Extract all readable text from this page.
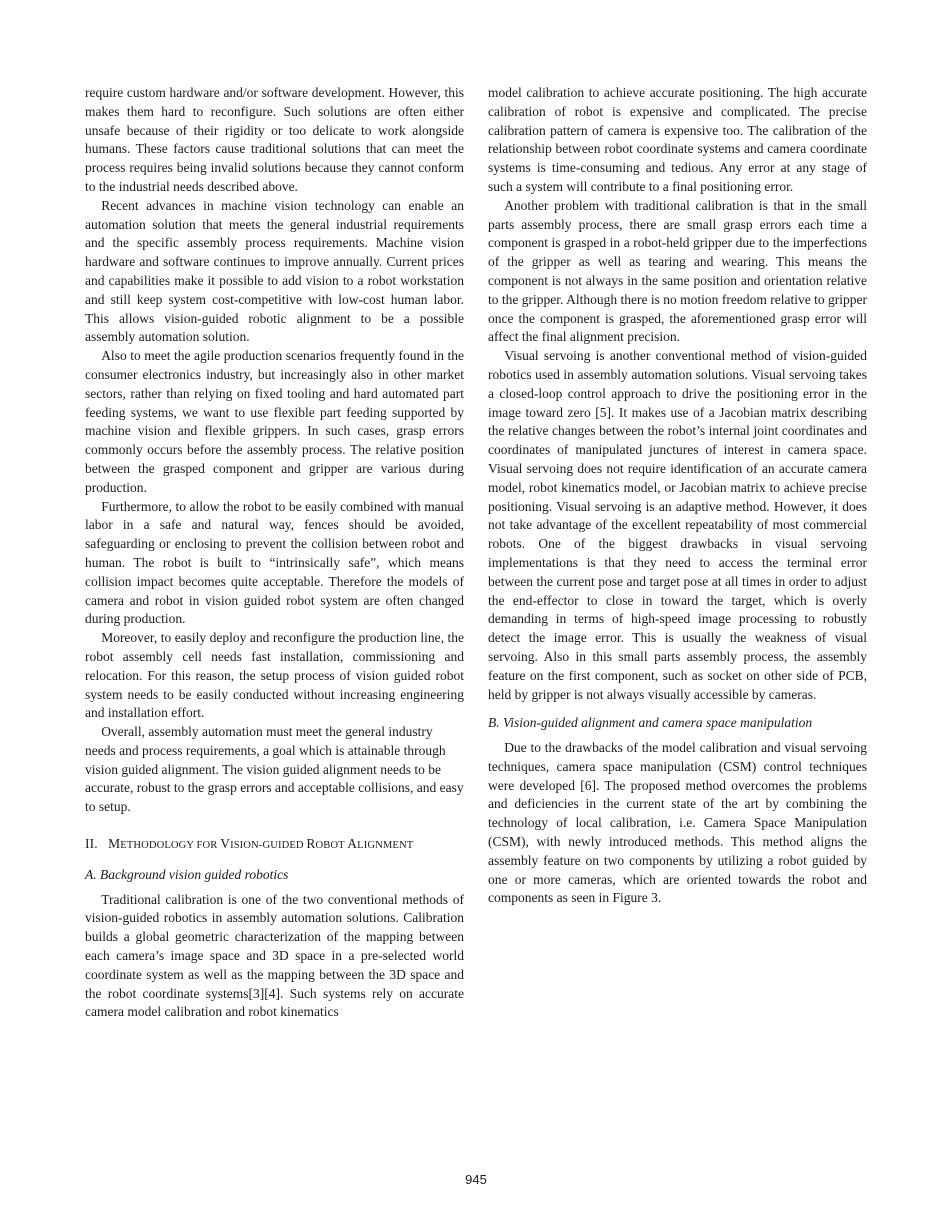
require custom hardware and/or software development. However, this makes them hard to reconfigure. Such solutions are often either unsafe because of their rigidity or too delicate to work alongside humans. These factors cause traditional solutions that can meet the process requires being invalid solutions because they cannot conform to the industrial needs described above.

Recent advances in machine vision technology can enable an automation solution that meets the general industrial requirements and the specific assembly process requirements. Machine vision hardware and software continues to improve annually. Current prices and capabilities make it possible to add vision to a robot workstation and still keep system cost-competitive with low-cost human labor. This allows vision-guided robotic alignment to be a possible assembly automation solution.

Also to meet the agile production scenarios frequently found in the consumer electronics industry, but increasingly also in other market sectors, rather than relying on fixed tooling and hard automated part feeding systems, we want to use flexible part feeding supported by machine vision and flexible grippers. In such cases, grasp errors commonly occurs before the assembly process. The relative position between the grasped component and gripper are various during production.

Furthermore, to allow the robot to be easily combined with manual labor in a safe and natural way, fences should be avoided, safeguarding or enclosing to prevent the collision between robot and human. The robot is built to “intrinsically safe”, which means collision impact becomes quite acceptable. Therefore the models of camera and robot in vision guided robot system are often changed during production.

Moreover, to easily deploy and reconfigure the production line, the robot assembly cell needs fast installation, commissioning and relocation. For this reason, the setup process of vision guided robot system needs to be easily conducted without increasing engineering and installation effort.

Overall, assembly automation must meet the general industry needs and process requirements, a goal which is attainable through vision guided alignment. The vision guided alignment needs to be accurate, robust to the grasp errors and acceptable collisions, and easy to setup.

II. METHODOLOGY FOR VISION-GUIDED ROBOT ALIGNMENT
A. Background vision guided robotics

Traditional calibration is one of the two conventional methods of vision-guided robotics in assembly automation solutions. Calibration builds a global geometric characterization of the mapping between each camera’s image space and 3D space in a pre-selected world coordinate system as well as the mapping between the 3D space and the robot coordinate systems[3][4]. Such systems rely on accurate camera model calibration and robot kinematics

model calibration to achieve accurate positioning. The high accurate calibration of robot is expensive and complicated. The precise calibration pattern of camera is expensive too. The calibration of the relationship between robot coordinate systems and camera coordinate systems is time-consuming and tedious. Any error at any stage of such a system will contribute to a final positioning error.

Another problem with traditional calibration is that in the small parts assembly process, there are small grasp errors each time a component is grasped in a robot-held gripper due to the imperfections of the gripper as well as tearing and wearing. This means the component is not always in the same position and orientation relative to the gripper. Although there is no motion freedom relative to gripper once the component is grasped, the aforementioned grasp error will affect the final alignment precision.

Visual servoing is another conventional method of vision-guided robotics used in assembly automation solutions. Visual servoing takes a closed-loop control approach to drive the positioning error in the image toward zero [5]. It makes use of a Jacobian matrix describing the relative changes between the robot’s internal joint coordinates and coordinates of manipulated junctures of interest in camera space. Visual servoing does not require identification of an accurate camera model, robot kinematics model, or Jacobian matrix to achieve precise positioning. Visual servoing is an adaptive method. However, it does not take advantage of the excellent repeatability of most commercial robots. One of the biggest drawbacks in visual servoing implementations is that they need to access the terminal error between the current pose and target pose at all times in order to adjust the end-effector to close in toward the target, which is overly demanding in terms of high-speed image processing to robustly detect the image error. This is usually the weakness of visual servoing. Also in this small parts assembly process, the assembly feature on the first component, such as socket on other side of PCB, held by gripper is not always visually accessible by cameras.

B. Vision-guided alignment and camera space manipulation

Due to the drawbacks of the model calibration and visual servoing techniques, camera space manipulation (CSM) control techniques were developed [6]. The proposed method overcomes the problems and deficiencies in the current state of the art by combining the technology of local calibration, i.e. Camera Space Manipulation (CSM), with newly introduced methods. This method aligns the assembly feature on two components by utilizing a robot guided by one or more cameras, which are oriented towards the robot and components as seen in Figure 3.

945
